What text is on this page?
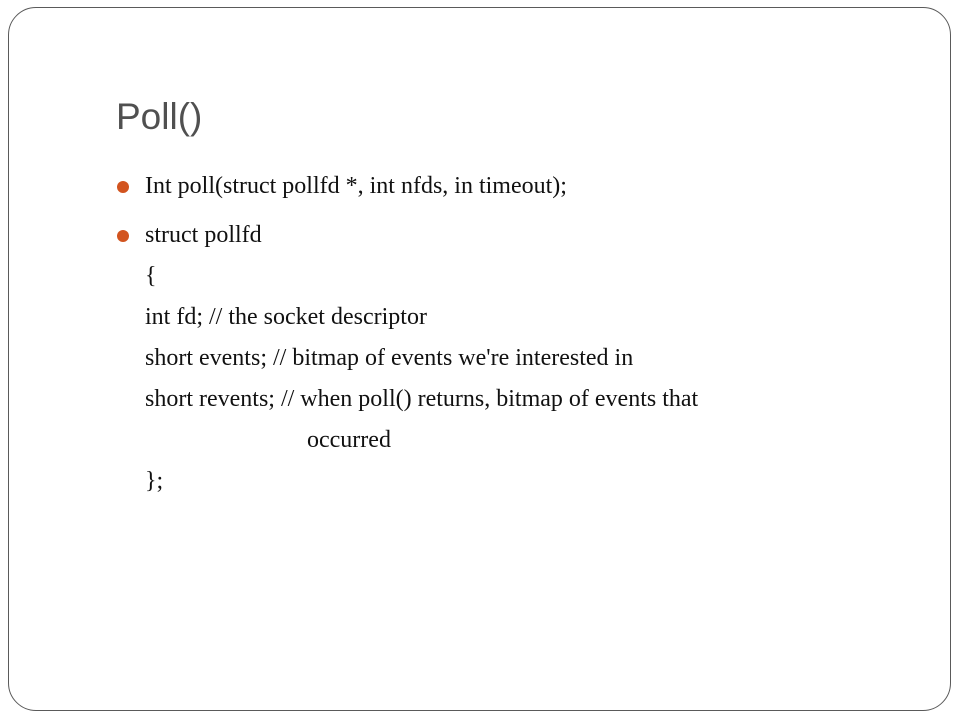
Poll()
Int poll(struct pollfd *, int nfds, in timeout);
struct pollfd
{
int fd; // the socket descriptor
short events; // bitmap of events we're interested in
short revents; // when poll() returns, bitmap of events that
occurred
};
